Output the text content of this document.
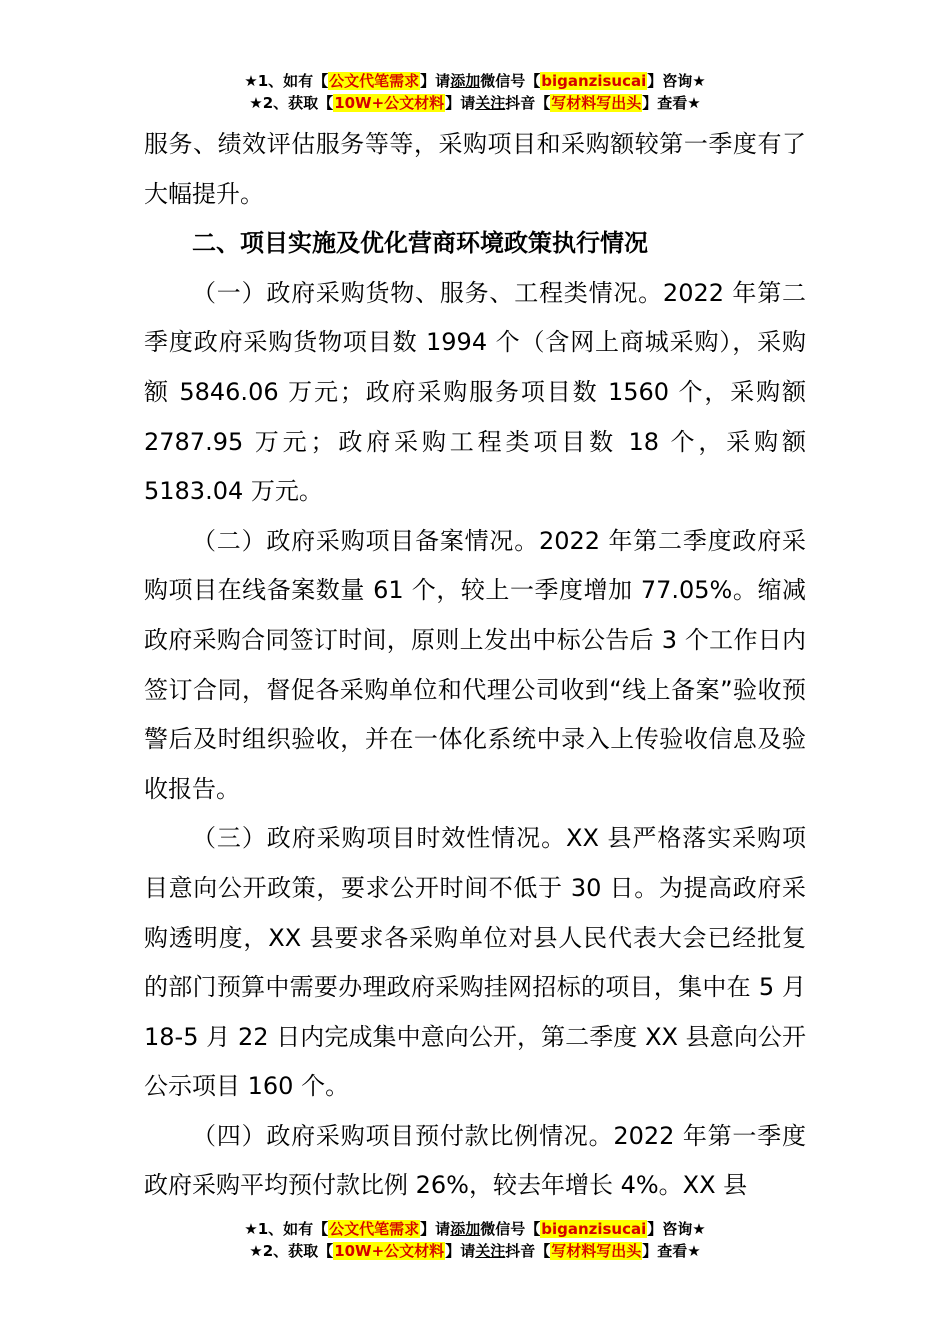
★1、如有【公文代笔需求】请添加微信号【biganzisucai】咨询★
★2、获取【10W+公文材料】请关注抖音【写材料写出头】查看★

服务、绩效评估服务等等，采购项目和采购额较第一季度有了大幅提升。

二、项目实施及优化营商环境政策执行情况

（一）政府采购货物、服务、工程类情况。2022 年第二季度政府采购货物项目数 1994 个（含网上商城采购），采购额 5846.06 万元；政府采购服务项目数 1560 个，采购额 2787.95 万元；政府采购工程类项目数 18 个，采购额 5183.04 万元。

（二）政府采购项目备案情况。2022 年第二季度政府采购项目在线备案数量 61 个，较上一季度增加 77.05%。缩减政府采购合同签订时间，原则上发出中标公告后 3 个工作日内签订合同，督促各采购单位和代理公司收到“线上备案”验收预警后及时组织验收，并在一体化系统中录入上传验收信息及验收报告。

（三）政府采购项目时效性情况。XX 县严格落实采购项目意向公开政策，要求公开时间不低于 30 日。为提高政府采购透明度，XX 县要求各采购单位对县人民代表大会已经批复的部门预算中需要办理政府采购挂网招标的项目，集中在 5 月 18-5 月 22 日内完成集中意向公开，第二季度 XX 县意向公开公示项目 160 个。

（四）政府采购项目预付款比例情况。2022 年第一季度政府采购平均预付款比例 26%，较去年增长 4%。XX 县

★1、如有【公文代笔需求】请添加微信号【biganzisucai】咨询★
★2、获取【10W+公文材料】请关注抖音【写材料写出头】查看★
